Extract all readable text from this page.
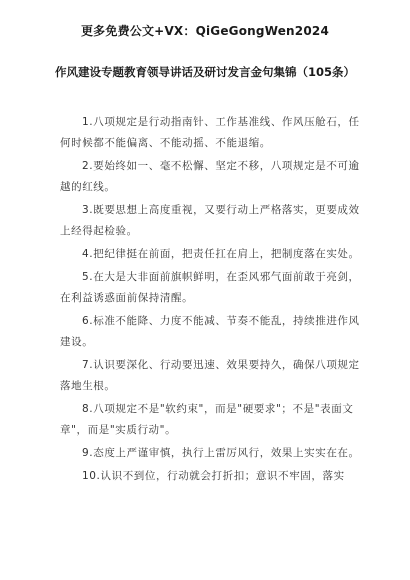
更多免费公文+VX：QiGeGongWen2024
作风建设专题教育领导讲话及研讨发言金句集锦（105条）

1.八项规定是行动指南针、工作基准线、作风压舱石，任何时候都不能偏离、不能动摇、不能退缩。

2.要始终如一、毫不松懈、坚定不移，八项规定是不可逾越的红线。

3.既要思想上高度重视，又要行动上严格落实，更要成效上经得起检验。

4.把纪律挺在前面，把责任扛在肩上，把制度落在实处。

5.在大是大非面前旗帜鲜明，在歪风邪气面前敢于亮剑，在利益诱惑面前保持清醒。

6.标准不能降、力度不能减、节奏不能乱，持续推进作风建设。

7.认识要深化、行动要迅速、效果要持久，确保八项规定落地生根。

8.八项规定不是"软约束"，而是"硬要求"；不是"表面文章"，而是"实质行动"。

9.态度上严谨审慎，执行上雷厉风行，效果上实实在在。

10.认识不到位，行动就会打折扣；意识不牢固，落实
